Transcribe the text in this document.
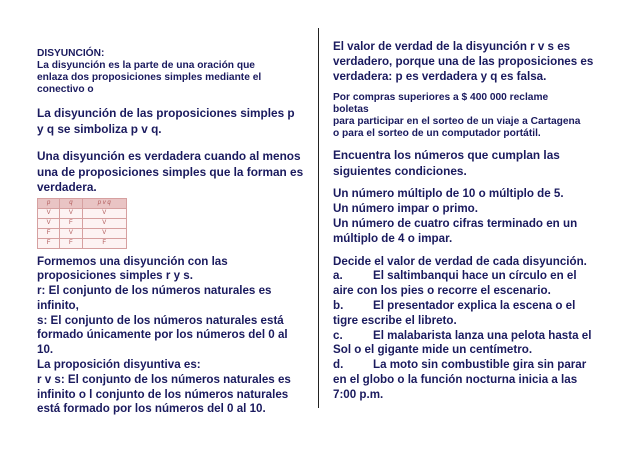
DISYUNCIÓN:
La disyunción es la parte de una oración que
enlaza dos proposiciones simples mediante el
conectivo o
La disyunción de las proposiciones simples p
y q se simboliza p v q.
Una disyunción es verdadera cuando al menos
una de proposiciones simples que la forman es
verdadera.
p	q	p v q
V	V	V
V	F	V
F	V	V
F	F	F
Formemos una disyunción con las
proposiciones simples r y s.
r: El conjunto de los números naturales es
infinito,
s: El conjunto de los números naturales está
formado únicamente por los números del 0 al
10.
La proposición disyuntiva es:
r v s: El conjunto de los números naturales es
infinito o l conjunto de los números naturales
está formado por los números del 0 al 10.
El valor de verdad de la disyunción r v s es
verdadero, porque una de las proposiciones es
verdadera: p es verdadera y q es falsa.
Por compras superiores a $ 400 000 reclame
boletas
para participar en el sorteo de un viaje a Cartagena
o para el sorteo de un computador portátil.
Encuentra los números que cumplan las
siguientes condiciones.
Un número múltiplo de 10 o múltiplo de 5.
Un número impar o primo.
Un número de cuatro cifras terminado en un
múltiplo de 4 o impar.
Decide el valor de verdad de cada disyunción.
a.	El saltimbanqui hace un círculo en el
aire con los pies o recorre el escenario.
b.	El presentador explica la escena o el
tigre escribe el libreto.
c.	El malabarista lanza una pelota hasta el
Sol o el gigante mide un centímetro.
d.	La moto sin combustible gira sin parar
en el globo o la función nocturna inicia a las
7:00 p.m.
